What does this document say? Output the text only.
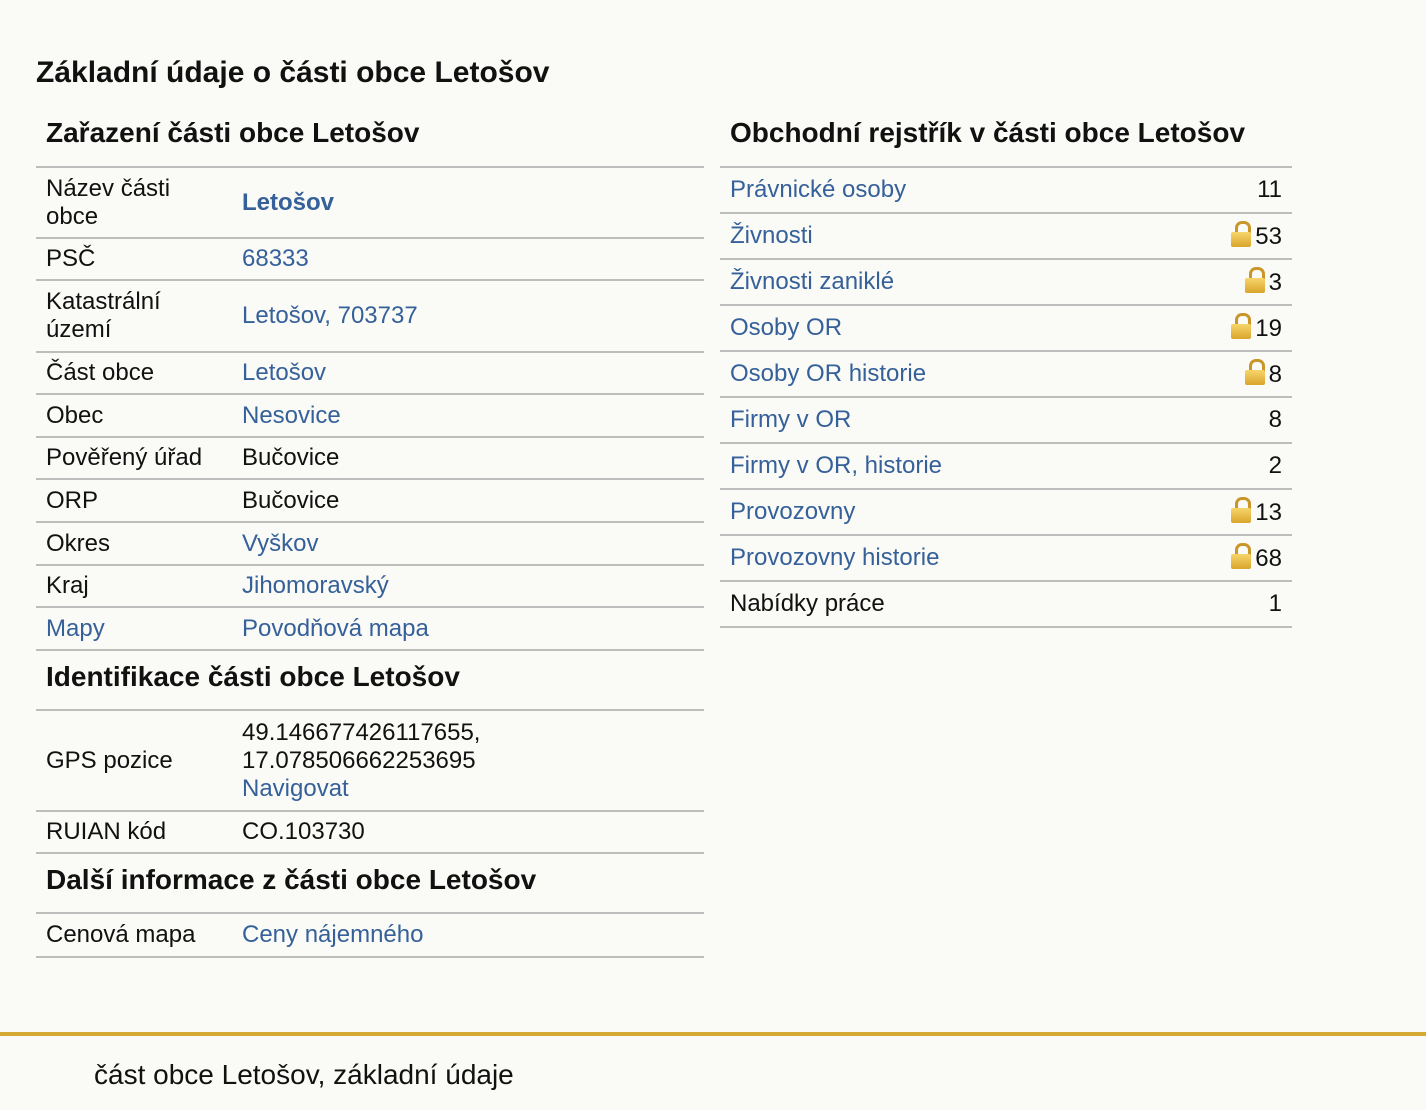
Základní údaje o části obce Letošov
Zařazení části obce Letošov
Název části obce	Letošov
PSČ	68333
Katastrální území	Letošov, 703737
Část obce	Letošov
Obec	Nesovice
Pověřený úřad	Bučovice
ORP	Bučovice
Okres	Vyškov
Kraj	Jihomoravský
Mapy	Povodňová mapa
Identifikace části obce Letošov
GPS pozice	49.146677426117655,
17.078506662253695
Navigovat
RUIAN kód	CO.103730
Další informace z části obce Letošov
Cenová mapa	Ceny nájemného
Obchodní rejstřík v části obce Letošov
Právnické osoby	11
Živnosti	53
Živnosti zaniklé	3
Osoby OR	19
Osoby OR historie	8
Firmy v OR	8
Firmy v OR, historie	2
Provozovny	13
Provozovny historie	68
Nabídky práce	1
část obce Letošov, základní údaje
